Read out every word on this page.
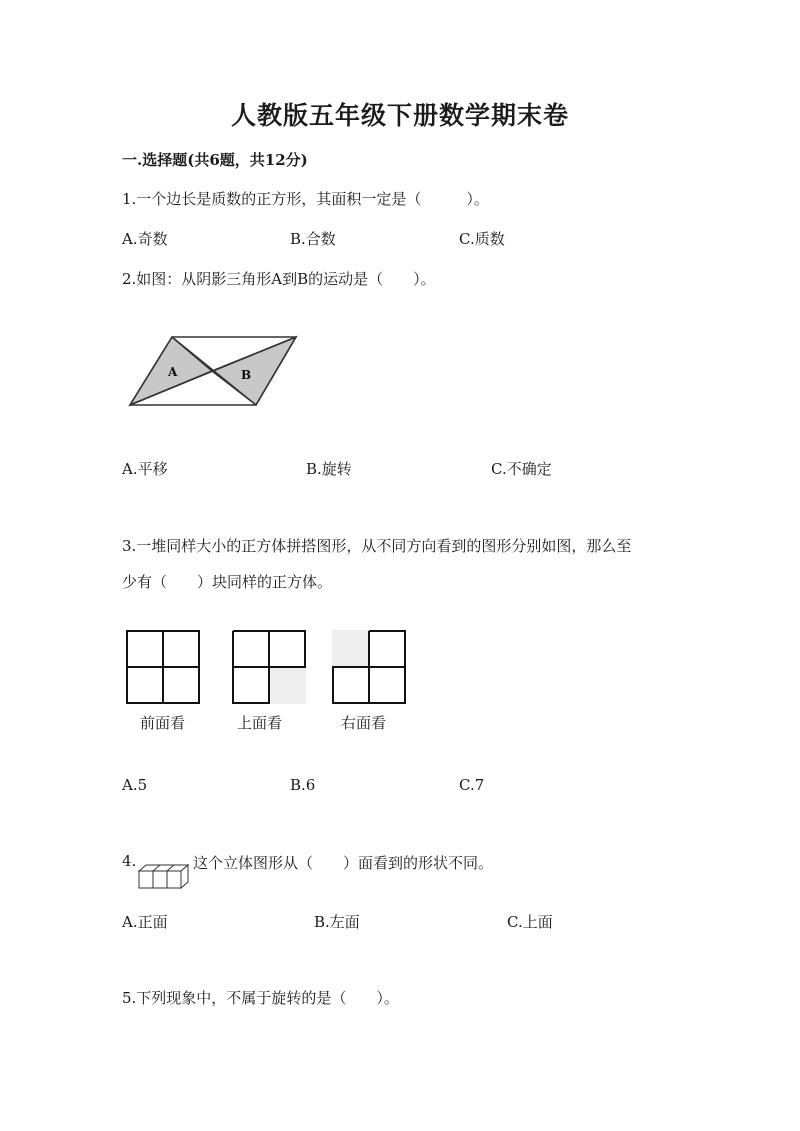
人教版五年级下册数学期末卷
一.选择题(共6题，共12分)
1.一个边长是质数的正方形，其面积一定是（　　　）。
A.奇数	B.合数	C.质数
2.如图：从阴影三角形A到B的运动是（　　）。
A	B
A.平移	B.旋转	C.不确定
3.一堆同样大小的正方体拼搭图形，从不同方向看到的图形分别如图，那么至
少有（　　）块同样的正方体。
前面看	上面看	右面看
A.5	B.6	C.7
4.	这个立体图形从（　　）面看到的形状不同。
A.正面	B.左面	C.上面
5.下列现象中，不属于旋转的是（　　）。
